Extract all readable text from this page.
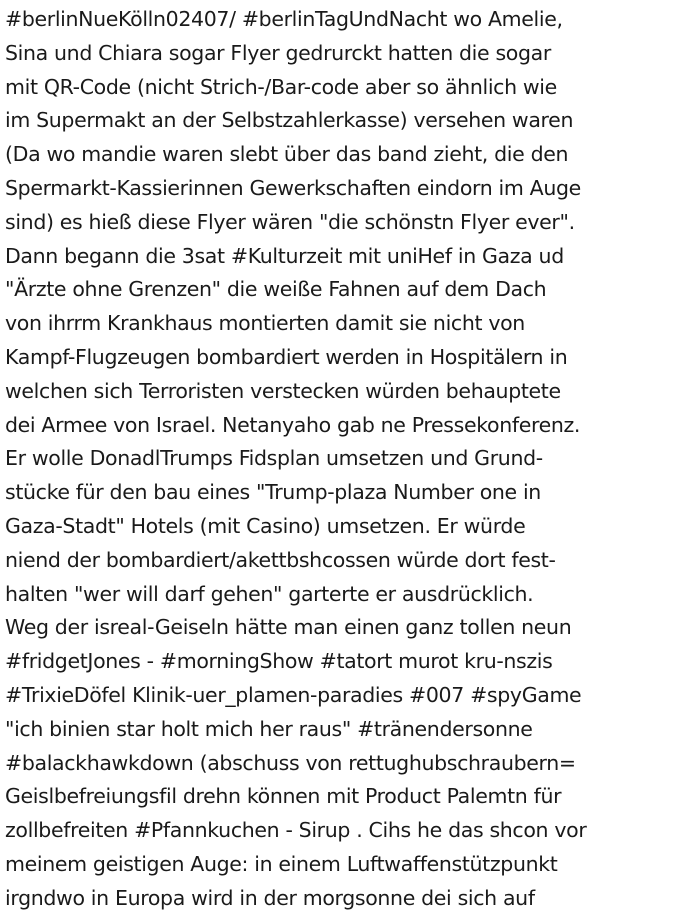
#berlinNueKölln02407/ #berlinTagUndNacht wo Amelie,
Sina und Chiara sogar Flyer gedrurckt hatten die sogar
mit QR-Code (nicht Strich-/Bar-code aber so ähnlich wie
im Supermakt an der Selbstzahlerkasse) versehen waren
(Da wo mandie waren slebt über das band zieht, die den
Spermarkt-Kassierinnen Gewerkschaften eindorn im Auge
sind) es hieß diese Flyer wären "die schönstn Flyer ever".
Dann begann die 3sat #Kulturzeit mit uniHef in Gaza ud
"Ärzte ohne Grenzen" die weiße Fahnen auf dem Dach
von ihrrm Krankhaus montierten damit sie nicht von
Kampf-Flugzeugen bombardiert werden in Hospitälern in
welchen sich Terroristen verstecken würden behauptete
dei Armee von Israel. Netanyaho gab ne Pressekonferenz.
Er wolle DonadlTrumps Fidsplan umsetzen und Grund-
stücke für den bau eines "Trump-plaza Number one in
Gaza-Stadt" Hotels (mit Casino) umsetzen. Er würde
niend der bombardiert/akettbshcossen würde dort fest-
halten "wer will darf gehen" garterte er ausdrücklich.
Weg der isreal-Geiseln hätte man einen ganz tollen neun
#fridgetJones - #morningShow #tatort murot kru-nszis
#TrixieDöfel Klinik-uer_plamen-paradies #007 #spyGame
"ich binien star holt mich her raus" #tränendersonne
#balackhawkdown (abschuss von rettughubschraubern=
Geislbefreiungsfil drehn können mit Product Palemtn für
zollbefreiten #Pfannkuchen - Sirup . Cihs he das shcon vor
meinem geistigen Auge: in einem Luftwaffenstützpunkt
irgndwo in Europa wird in der morgsonne dei sich auf
